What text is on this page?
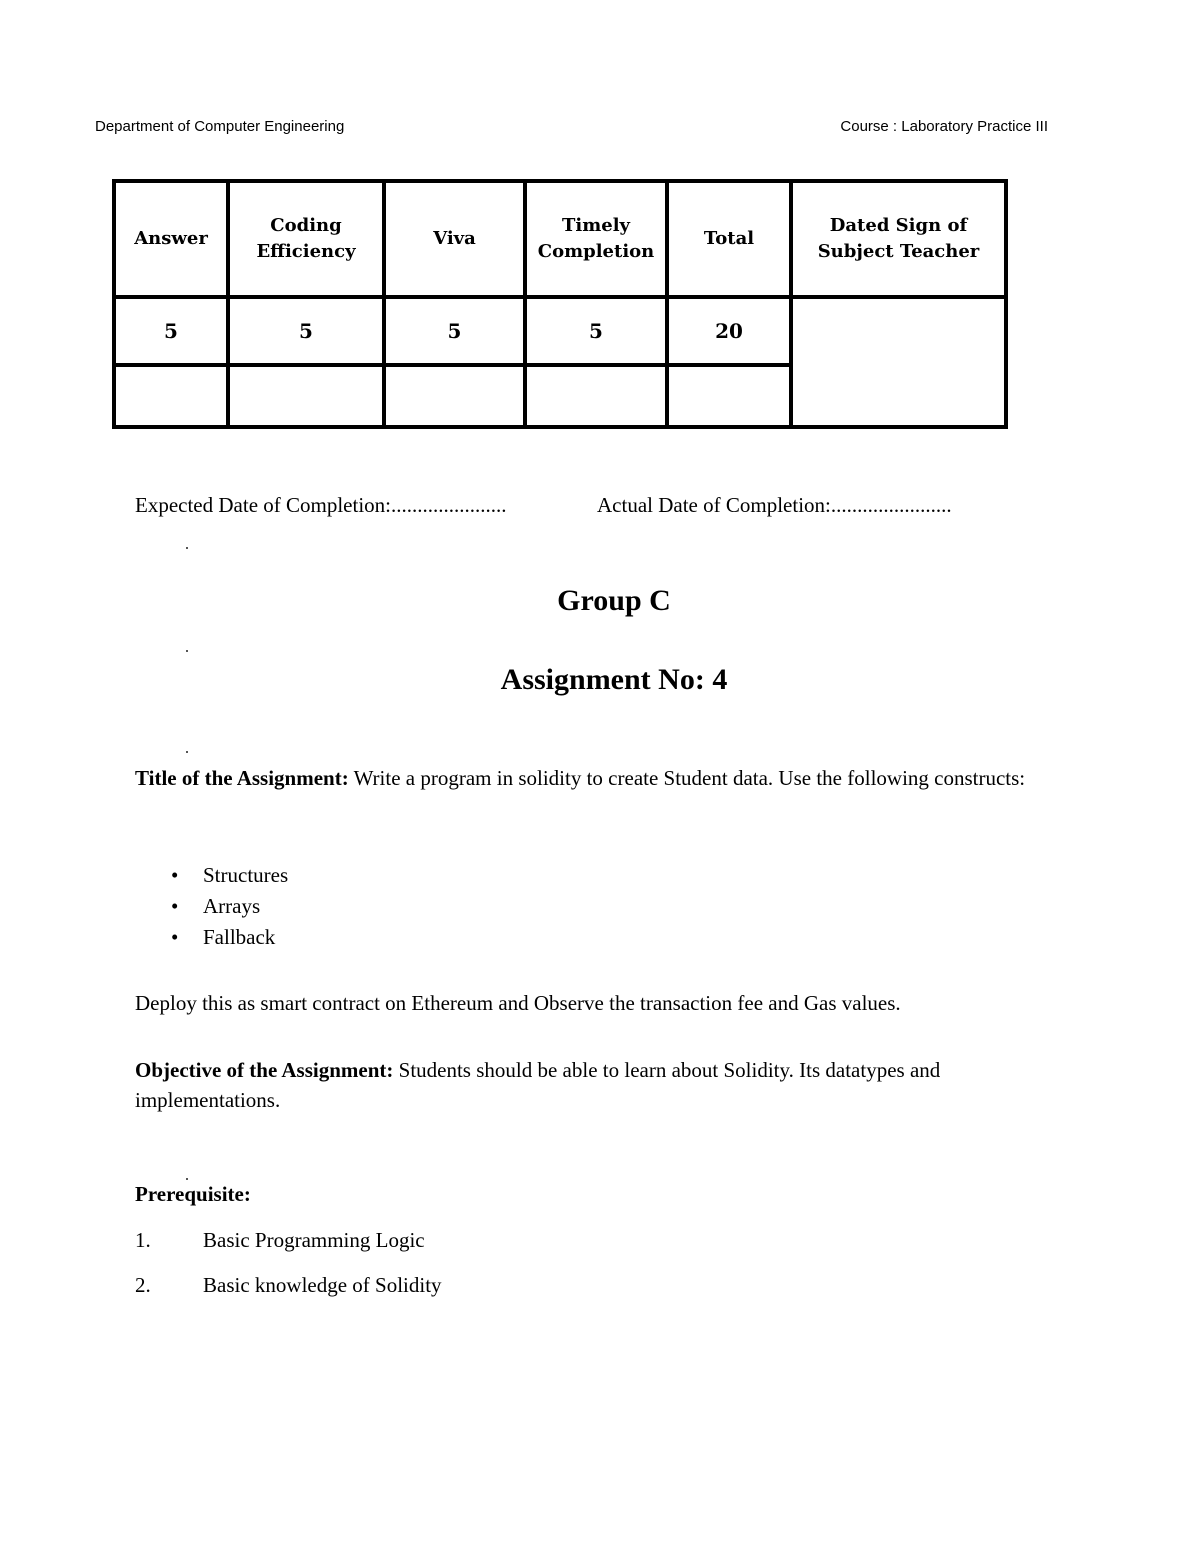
Department of Computer Engineering	Course : Laboratory Practice III
Answer	Coding Efficiency	Viva	Timely Completion	Total	Dated Sign of Subject Teacher
5	5	5	5	20	

Expected Date of Completion:......................	Actual Date of Completion:.......................
Group C
Assignment No: 4

Title of the Assignment: Write a program in solidity to create Student data. Use the following constructs:

• Structures
• Arrays
• Fallback

Deploy this as smart contract on Ethereum and Observe the transaction fee and Gas values.

Objective of the Assignment: Students should be able to learn about Solidity. Its datatypes and implementations.

Prerequisite:

1. Basic Programming Logic
2. Basic knowledge of Solidity
